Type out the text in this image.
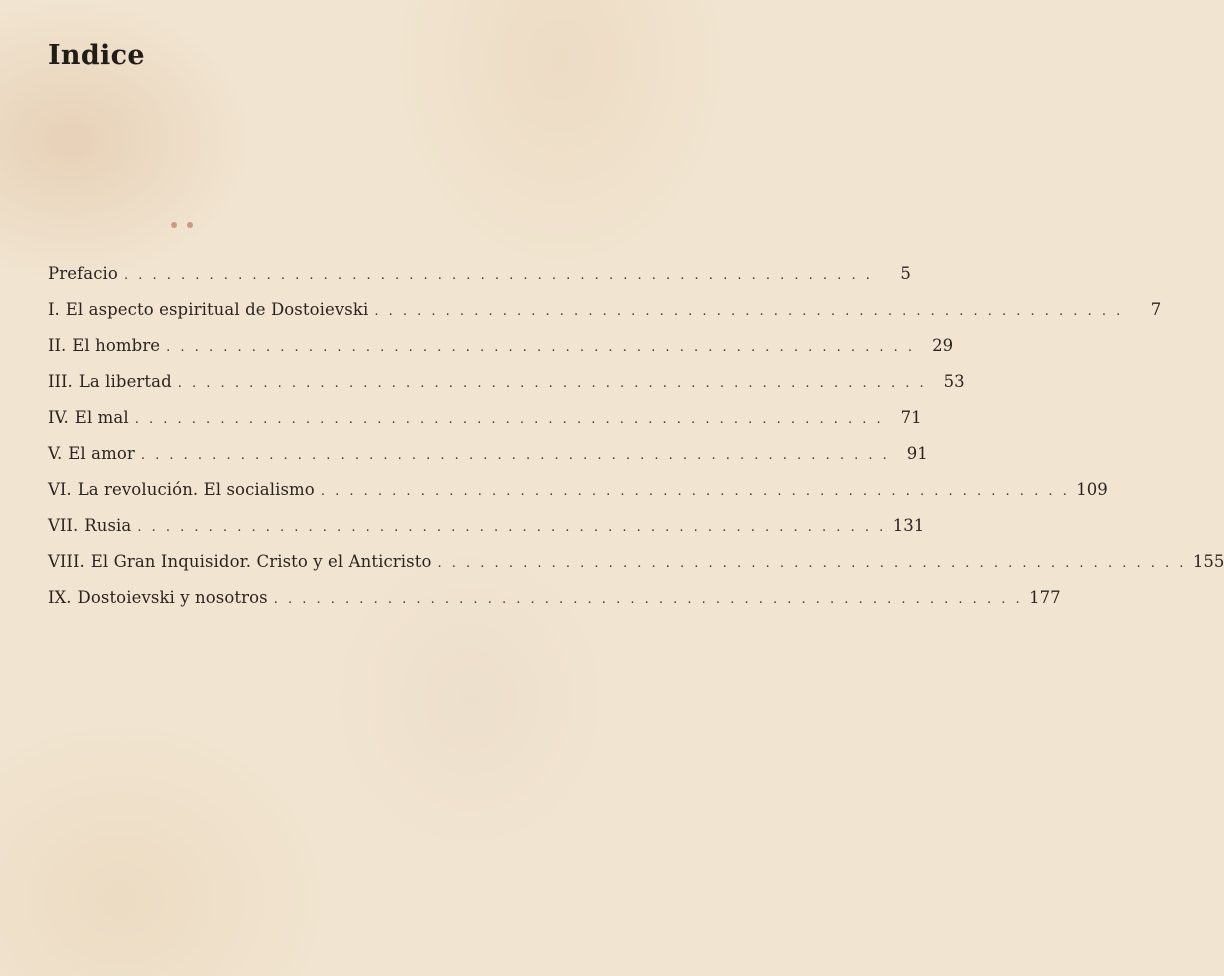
Indice
Prefacio . . . . . . . . . . . . . . . . . . . . . . . . . . . . . . . . . . . . . . . . . . . . . . . . . . . . .	5
I. El aspecto espiritual de Dostoievski . . . . . . . . . . . . . . . . . . . . . . . . . . . . . . . . . . . . . . . . . . . . . . . . . . . . .	7
II. El hombre . . . . . . . . . . . . . . . . . . . . . . . . . . . . . . . . . . . . . . . . . . . . . . . . . . . . .	29
III. La libertad . . . . . . . . . . . . . . . . . . . . . . . . . . . . . . . . . . . . . . . . . . . . . . . . . . . . .	53
IV. El mal . . . . . . . . . . . . . . . . . . . . . . . . . . . . . . . . . . . . . . . . . . . . . . . . . . . . .	71
V. El amor . . . . . . . . . . . . . . . . . . . . . . . . . . . . . . . . . . . . . . . . . . . . . . . . . . . . .	91
VI. La revolución. El socialismo . . . . . . . . . . . . . . . . . . . . . . . . . . . . . . . . . . . . . . . . . . . . . . . . . . . . . 109
VII. Rusia . . . . . . . . . . . . . . . . . . . . . . . . . . . . . . . . . . . . . . . . . . . . . . . . . . . . . 131
VIII. El Gran Inquisidor. Cristo y el Anticristo . . . . . . . . . . . . . . . . . . . . . . . . . . . . . . . . . . . . . . . . . . . . . . . . . . . . . 155
IX. Dostoievski y nosotros . . . . . . . . . . . . . . . . . . . . . . . . . . . . . . . . . . . . . . . . . . . . . . . . . . . . . 177
